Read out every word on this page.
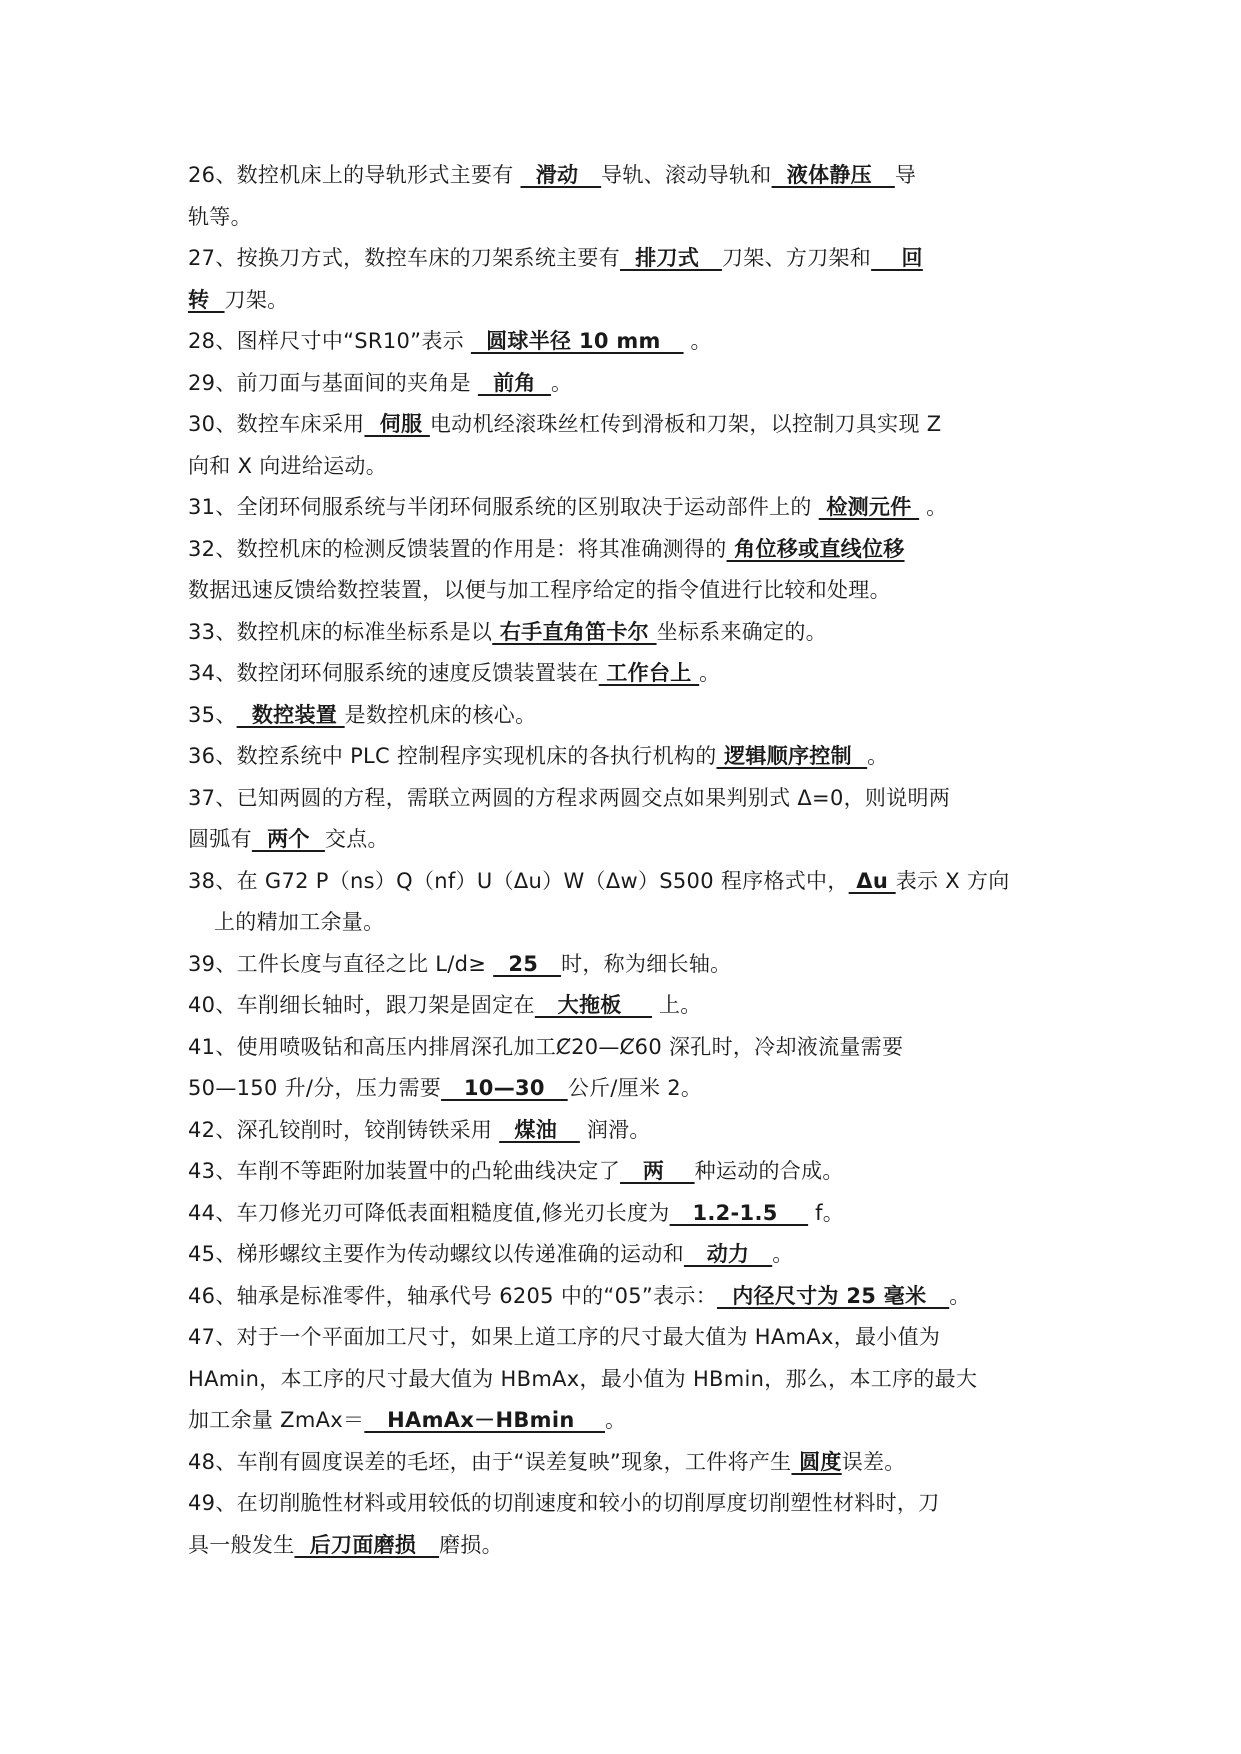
26、数控机床上的导轨形式主要有   滑动   导轨、滚动导轨和  液体静压   导
轨等。
27、按换刀方式，数控车床的刀架系统主要有  排刀式   刀架、方刀架和    回
转  刀架。
28、图样尺寸中“SR10”表示   圆球半径 10 mm    。
29、前刀面与基面间的夹角是   前角  。
30、数控车床采用  伺服 电动机经滚珠丝杠传到滑板和刀架，以控制刀具实现 Z
向和 X 向进给运动。
31、全闭环伺服系统与半闭环伺服系统的区别取决于运动部件上的  检测元件  。
32、数控机床的检测反馈装置的作用是：将其准确测得的 角位移或直线位移
数据迅速反馈给数控装置，以便与加工程序给定的指令值进行比较和处理。
33、数控机床的标准坐标系是以 右手直角笛卡尔 坐标系来确定的。
34、数控闭环伺服系统的速度反馈装置装在 工作台上 。
35、  数控装置 是数控机床的核心。
36、数控系统中 PLC 控制程序实现机床的各执行机构的 逻辑顺序控制  。
37、已知两圆的方程，需联立两圆的方程求两圆交点如果判别式 Δ=0，则说明两
圆弧有  两个  交点。
38、在 G72 P（ns）Q（nf）U（Δu）W（Δw）S500 程序格式中， Δu 表示 X 方向
上的精加工余量。
39、工件长度与直径之比 L/d≥   25   时，称为细长轴。
40、车削细长轴时，跟刀架是固定在   大拖板     上。
41、使用喷吸钻和高压内排屑深孔加工Ȼ20—Ȼ60 深孔时，冷却液流量需要
50—150 升/分，压力需要   10—30   公斤/厘米 2。
42、深孔铰削时，铰削铸铁采用   煤油    润滑。
43、车削不等距附加装置中的凸轮曲线决定了   两    种运动的合成。
44、车刀修光刃可降低表面粗糙度值,修光刃长度为   1.2-1.5     f。
45、梯形螺纹主要作为传动螺纹以传递准确的运动和   动力   。
46、轴承是标准零件，轴承代号 6205 中的“05”表示：  内径尺寸为 25 毫米   。
47、对于一个平面加工尺寸，如果上道工序的尺寸最大值为 HAmAx，最小值为
HAmin，本工序的尺寸最大值为 HBmAx，最小值为 HBmin，那么，本工序的最大
加工余量 ZmAx＝   HAmAx－HBmin    。
48、车削有圆度误差的毛坯，由于“误差复映”现象，工件将产生 圆度误差。
49、在切削脆性材料或用较低的切削速度和较小的切削厚度切削塑性材料时，刀
具一般发生  后刀面磨损   磨损。
